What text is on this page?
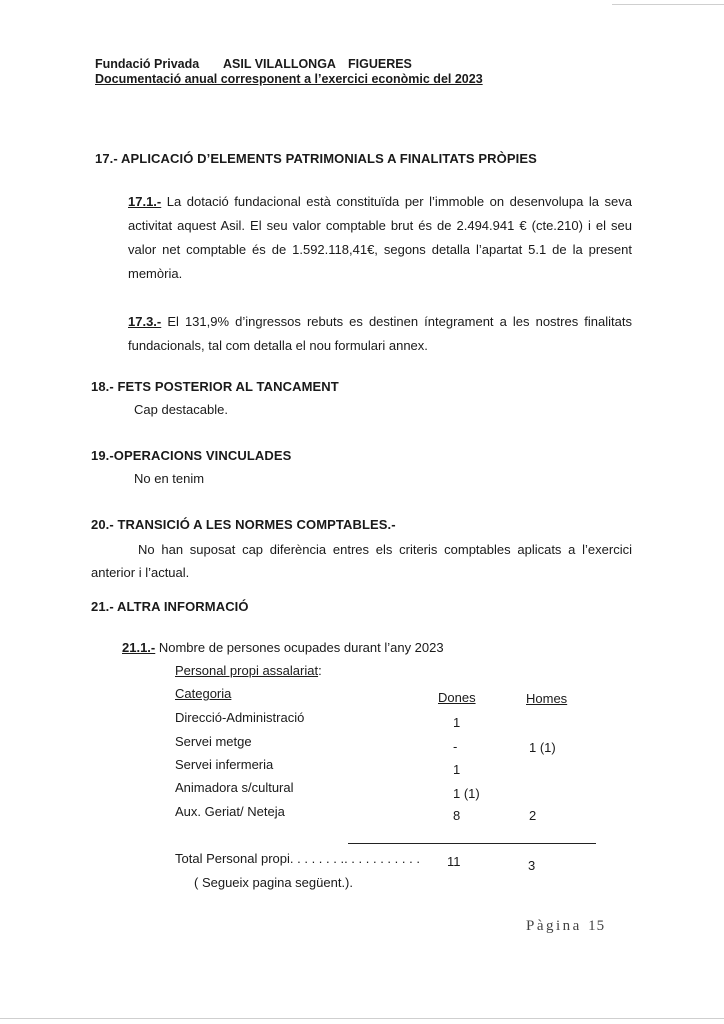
Fundació Privada ASIL VILALLONGA FIGUERES
Documentació anual corresponent a l’exercici econòmic del 2023
17.- APLICACIÓ D’ELEMENTS PATRIMONIALS A FINALITATS PRÒPIES
17.1.- La dotació fundacional està constituïda per l’immoble on desenvolupa la seva activitat aquest Asil. El seu valor comptable brut és de 2.494.941 € (cte.210) i el seu valor net comptable és de 1.592.118,41€, segons detalla l’apartat 5.1 de la present memòria.
17.3.- El 131,9% d’ingressos rebuts es destinen íntegrament a les nostres finalitats fundacionals, tal com detalla el nou formulari annex.
18.- FETS POSTERIOR AL TANCAMENT
Cap destacable.
19.-OPERACIONS VINCULADES
No en tenim
20.- TRANSICIÓ A LES NORMES COMPTABLES.-
No han suposat cap diferència entres els criteris comptables aplicats a l’exercici
anterior i l’actual.
21.- ALTRA INFORMACIÓ
21.1.- Nombre de persones ocupades durant l’any 2023
Personal propi assalariat:
Categoria	Dones	Homes
Direcció-Administració	1
Servei metge	-	1 (1)
Servei infermeria	1
Animadora s/cultural	1 (1)
Aux. Geriat/ Neteja	8	2
Total Personal propi. . . . . . . .. . . . . . . . . . . 11	3
( Segueix pagina següent.).
Pàgina 15
